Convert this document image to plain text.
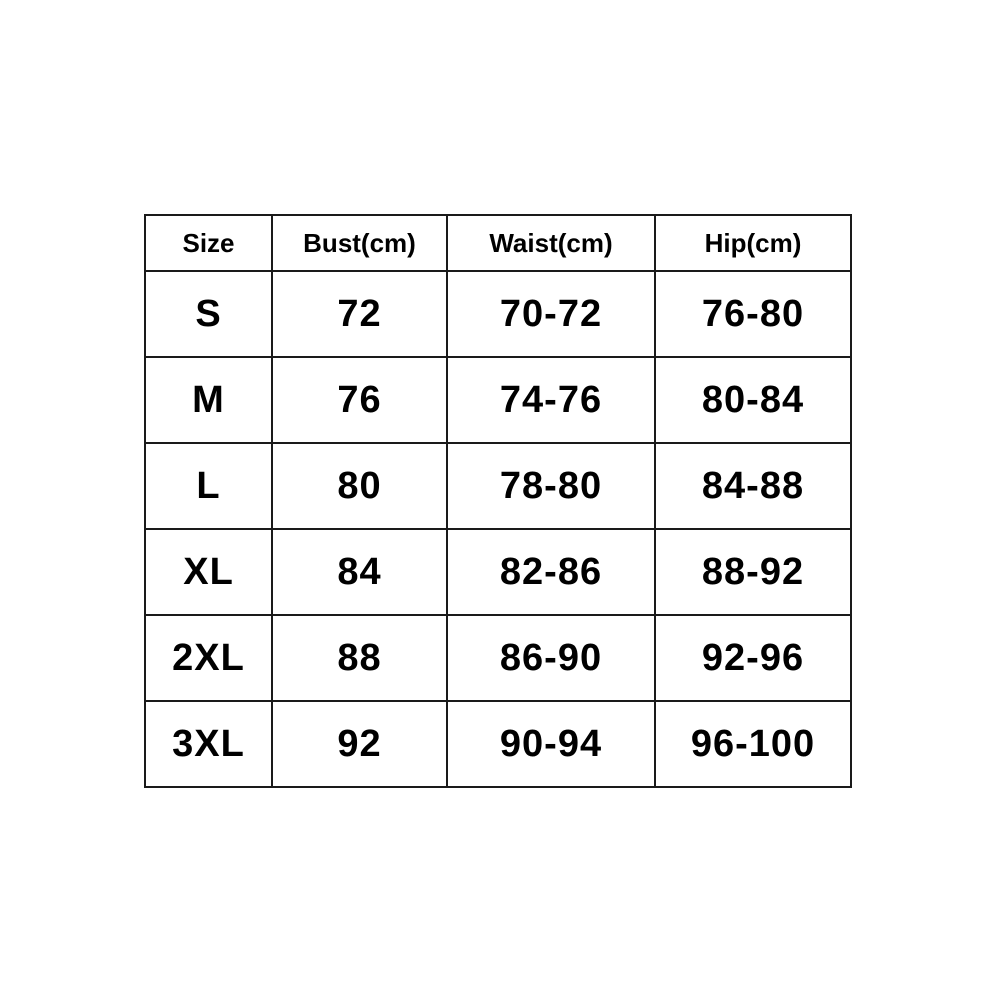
Size	Bust(cm)	Waist(cm)	Hip(cm)
S	72	70-72	76-80
M	76	74-76	80-84
L	80	78-80	84-88
XL	84	82-86	88-92
2XL	88	86-90	92-96
3XL	92	90-94	96-100
